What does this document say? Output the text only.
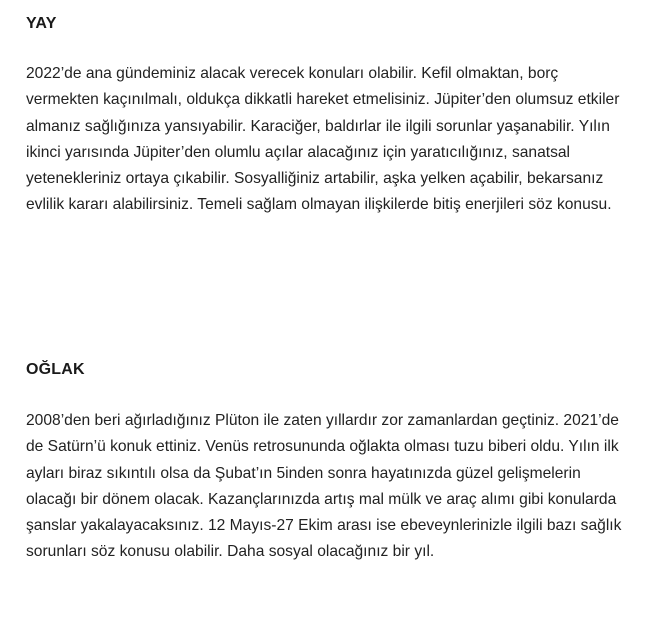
YAY

2022’de ana gündeminiz alacak verecek konuları olabilir. Kefil olmaktan, borç vermekten kaçınılmalı, oldukça dikkatli hareket etmelisiniz. Jüpiter’den olumsuz etkiler almanız sağlığınıza yansıyabilir. Karaciğer, baldırlar ile ilgili sorunlar yaşanabilir. Yılın ikinci yarısında Jüpiter’den olumlu açılar alacağınız için yaratıcılığınız, sanatsal yetenekleriniz ortaya çıkabilir. Sosyalliğiniz artabilir, aşka yelken açabilir, bekarsanız evlilik kararı alabilirsiniz. Temeli sağlam olmayan ilişkilerde bitiş enerjileri söz konusu.

OĞLAK

2008’den beri ağırladığınız Plüton ile zaten yıllardır zor zamanlardan geçtiniz. 2021’de de Satürn’ü konuk ettiniz. Venüs retrosununda oğlakta olması tuzu biberi oldu. Yılın ilk ayları biraz sıkıntılı olsa da Şubat’ın 5inden sonra hayatınızda güzel gelişmelerin olacağı bir dönem olacak. Kazançlarınızda artış mal mülk ve araç alımı gibi konularda şanslar yakalayacaksınız. 12 Mayıs-27 Ekim arası ise ebeveynlerinizle ilgili bazı sağlık sorunları söz konusu olabilir. Daha sosyal olacağınız bir yıl.
